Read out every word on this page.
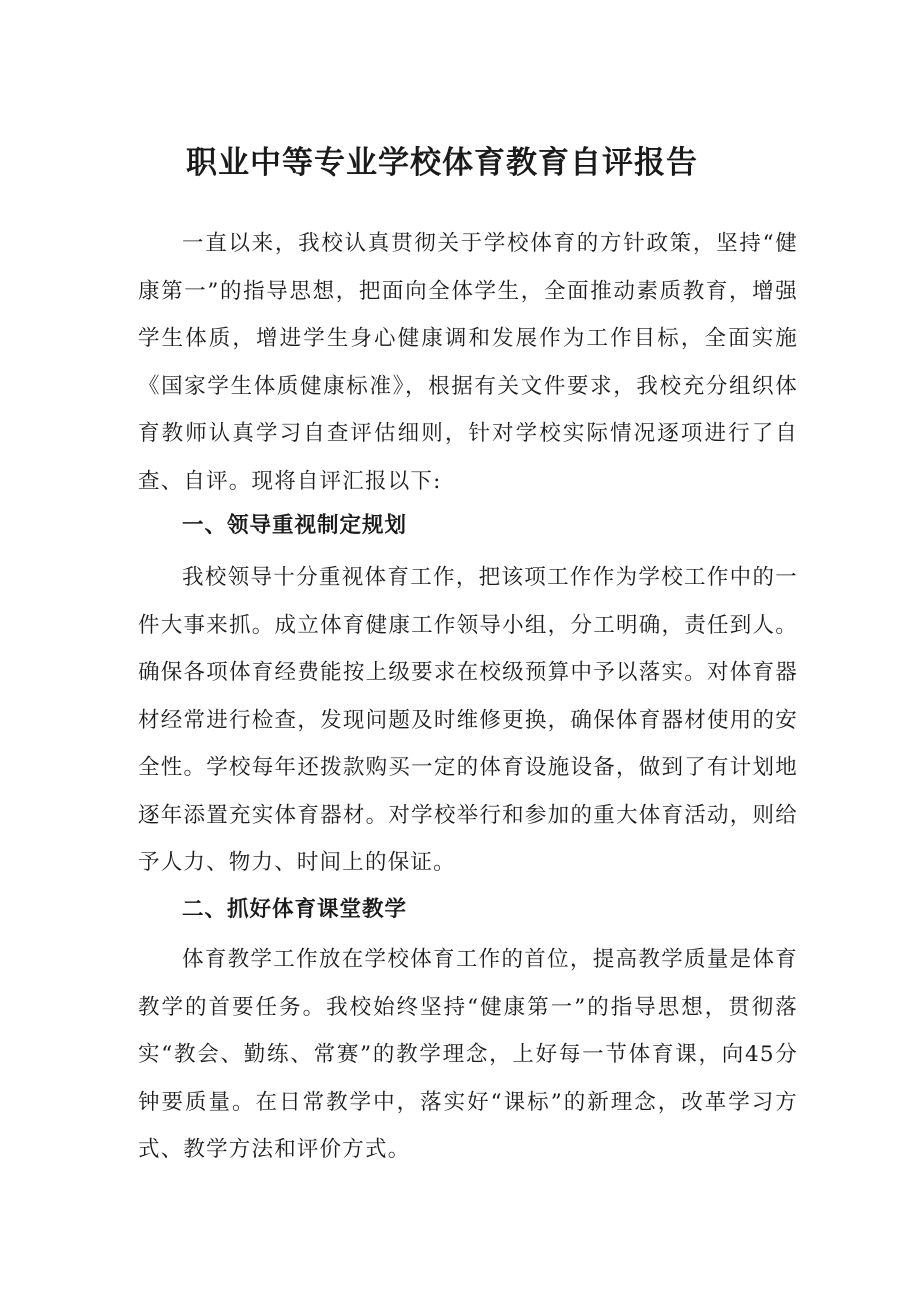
职业中等专业学校体育教育自评报告

一直以来，我校认真贯彻关于学校体育的方针政策，坚持“健康第一”的指导思想，把面向全体学生，全面推动素质教育，增强学生体质，增进学生身心健康调和发展作为工作目标，全面实施《国家学生体质健康标准》，根据有关文件要求，我校充分组织体育教师认真学习自查评估细则，针对学校实际情况逐项进行了自查、自评。现将自评汇报以下:

一、领导重视制定规划

我校领导十分重视体育工作，把该项工作作为学校工作中的一件大事来抓。成立体育健康工作领导小组，分工明确，责任到人。确保各项体育经费能按上级要求在校级预算中予以落实。对体育器材经常进行检查，发现问题及时维修更换，确保体育器材使用的安全性。学校每年还拨款购买一定的体育设施设备，做到了有计划地逐年添置充实体育器材。对学校举行和参加的重大体育活动，则给予人力、物力、时间上的保证。

二、抓好体育课堂教学

体育教学工作放在学校体育工作的首位，提高教学质量是体育教学的首要任务。我校始终坚持“健康第一”的指导思想，贯彻落实“教会、勤练、常赛”的教学理念，上好每一节体育课，向45分钟要质量。在日常教学中，落实好“课标”的新理念，改革学习方式、教学方法和评价方式。
